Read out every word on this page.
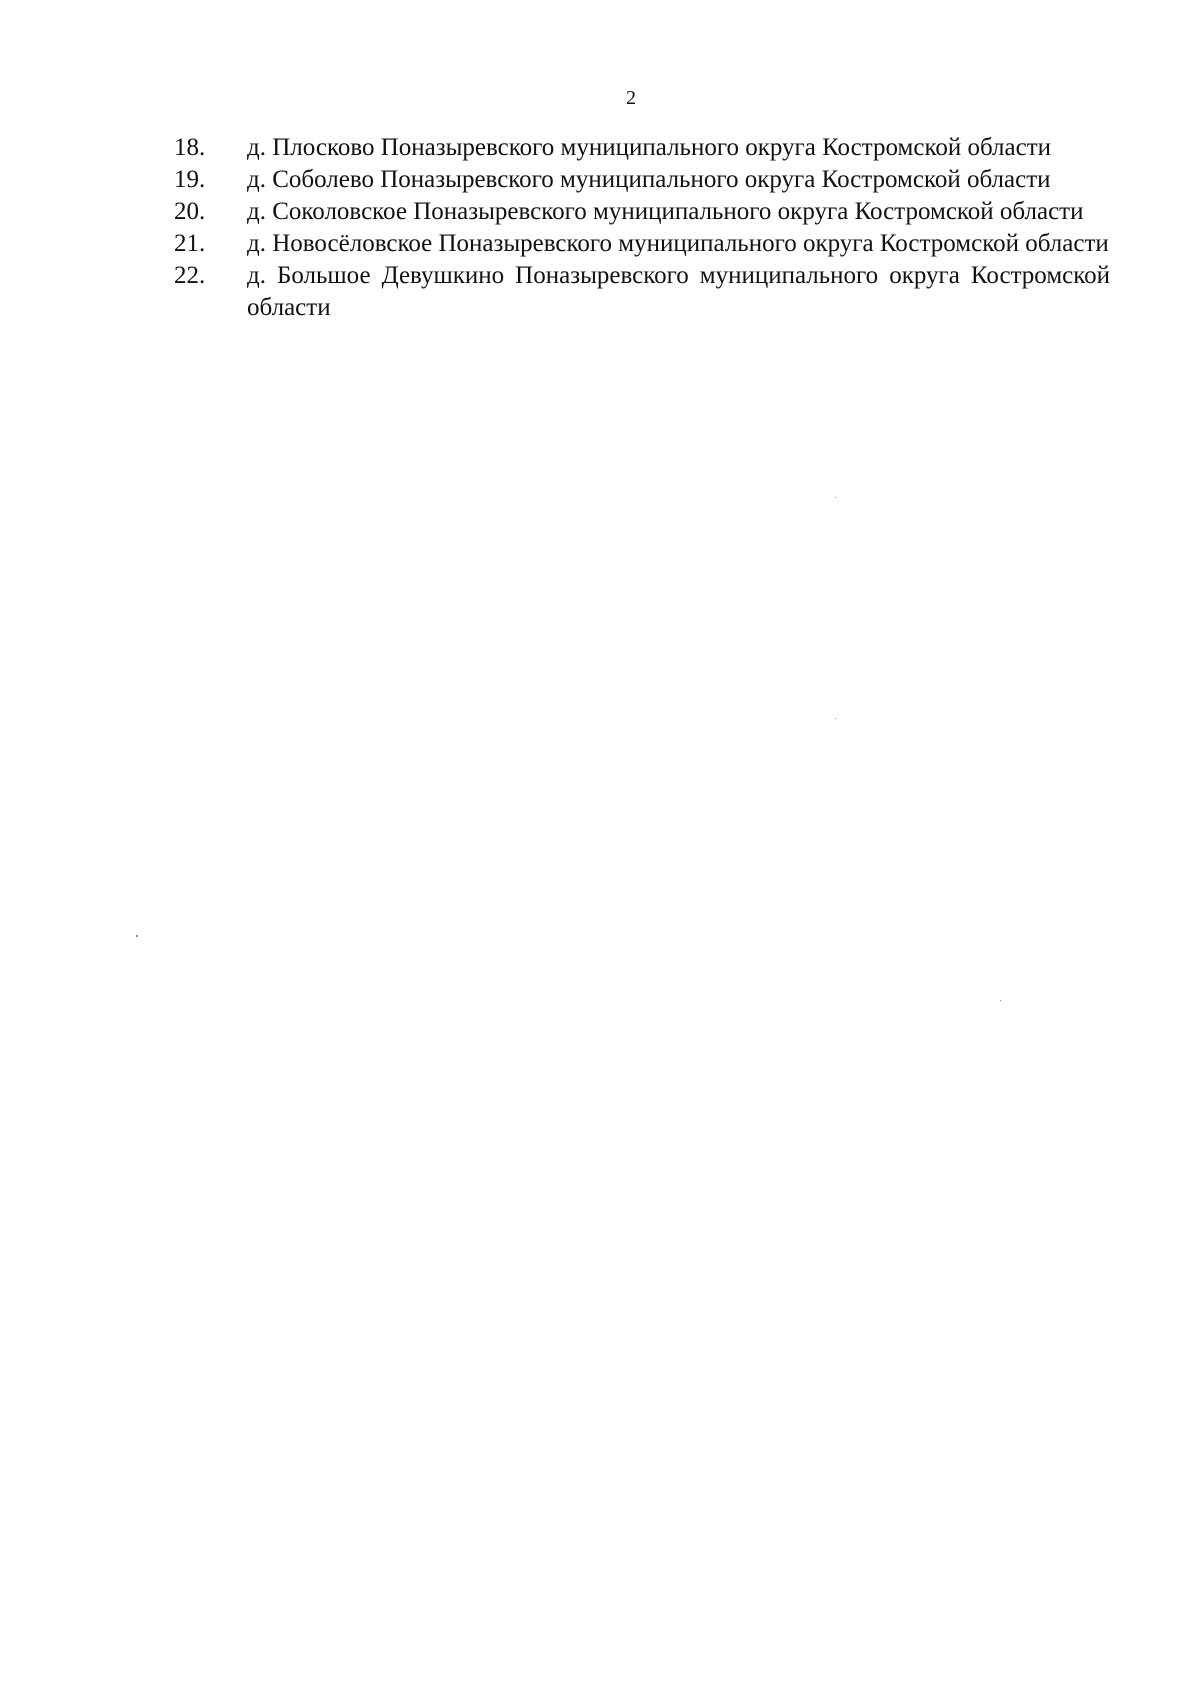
2
18.	д. Плосково Поназыревского муниципального округа Костромской области
19.	д. Соболево Поназыревского муниципального округа Костромской области
20.	д. Соколовское Поназыревского муниципального округа Костромской области
21.	д. Новосёловское Поназыревского муниципального округа Костромской области
22.	д. Большое Девушкино Поназыревского муниципального округа Костромской области
